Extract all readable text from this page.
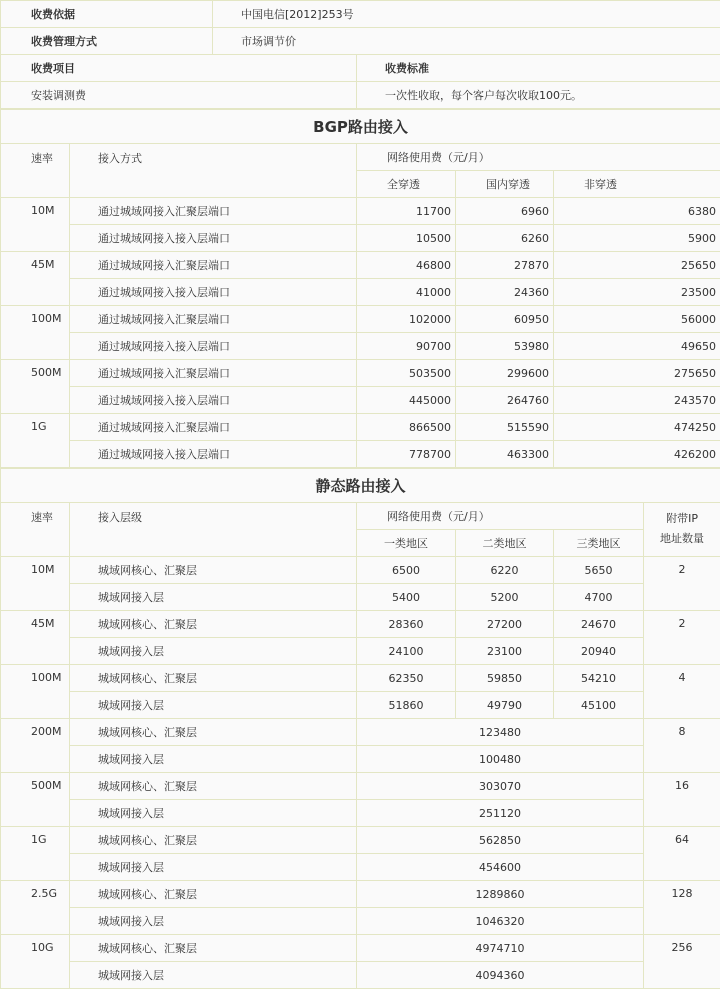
收费依据	中国电信[2012]253号	
收费管理方式	市场调节价	
收费项目		收费标准
安装调测费		一次性收取，每个客户每次收取100元。
BGP路由接入				
速率	接入方式	网络使用费（元/月）		
		全穿透	国内穿透	非穿透
10M	通过城域网接入汇聚层端口	11700	6960	6380
	通过城域网接入接入层端口	10500	6260	5900
45M	通过城域网接入汇聚层端口	46800	27870	25650
	通过城域网接入接入层端口	41000	24360	23500
100M	通过城域网接入汇聚层端口	102000	60950	56000
	通过城域网接入接入层端口	90700	53980	49650
500M	通过城域网接入汇聚层端口	503500	299600	275650
	通过城域网接入接入层端口	445000	264760	243570
1G	通过城域网接入汇聚层端口	866500	515590	474250
	通过城域网接入接入层端口	778700	463300	426200
静态路由接入					
速率	接入层级	网络使用费（元/月）			附带IP
地址数量

		一类地区	二类地区	三类地区	
10M	城域网核心、汇聚层	6500	6220	5650	2
	城域网接入层	5400	5200	4700	
45M	城域网核心、汇聚层	28360	27200	24670	2
	城域网接入层	24100	23100	20940	
100M	城域网核心、汇聚层	62350	59850	54210	4
	城域网接入层	51860	49790	45100	
200M	城域网核心、汇聚层	123480			8
	城域网接入层	100480			
500M	城域网核心、汇聚层	303070			16
	城域网接入层	251120			
1G	城域网核心、汇聚层	562850			64
	城域网接入层	454600			
2.5G	城域网核心、汇聚层	1289860			128
	城域网接入层	1046320			
10G	城域网核心、汇聚层	4974710			256
	城域网接入层	4094360			
